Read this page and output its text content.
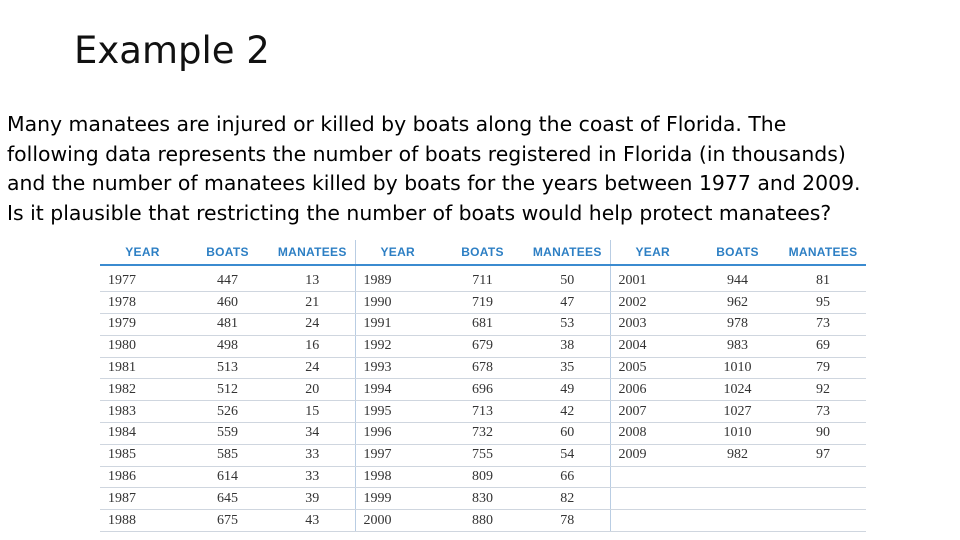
Example 2
Many manatees are injured or killed by boats along the coast of Florida. The
following data represents the number of boats registered in Florida (in thousands)
and the number of manatees killed by boats for the years between 1977 and 2009.
Is it plausible that restricting the number of boats would help protect manatees?
YEAR	BOATS	MANATEES	YEAR	BOATS	MANATEES	YEAR	BOATS	MANATEES
1977	447	13	1989	711	50	2001	944	81
1978	460	21	1990	719	47	2002	962	95
1979	481	24	1991	681	53	2003	978	73
1980	498	16	1992	679	38	2004	983	69
1981	513	24	1993	678	35	2005	1010	79
1982	512	20	1994	696	49	2006	1024	92
1983	526	15	1995	713	42	2007	1027	73
1984	559	34	1996	732	60	2008	1010	90
1985	585	33	1997	755	54	2009	982	97
1986	614	33	1998	809	66			
1987	645	39	1999	830	82			
1988	675	43	2000	880	78			
